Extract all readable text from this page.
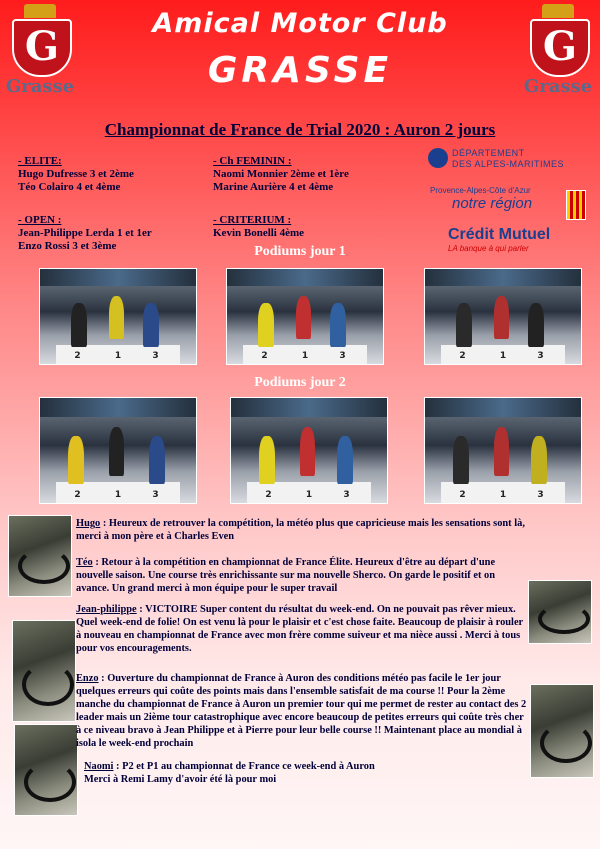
G
Grasse
G
Grasse
Amical Motor Club
GRASSE
Championnat de France de Trial 2020 : Auron 2 jours
- ELITE:
Hugo Dufresse 3 et 2ème
Téo Colairo 4 et 4ème
- Ch FEMININ :
Naomi Monnier 2ème et 1ère
Marine Aurière 4 et 4ème
- OPEN :
Jean-Philippe Lerda 1 et 1er
Enzo Rossi 3 et 3ème
- CRITERIUM :
Kevin Bonelli 4ème
DÉPARTEMENT
DES ALPES-MARITIMES
Provence-Alpes-Côte d'Azur
notre région
Crédit Mutuel
LA banque à qui parler
Podiums jour 1
2	1	3	2	1	3	2	1	3
Podiums jour 2
2	1	3	2	1	3	2	1	3

Hugo : Heureux de retrouver la compétition, la météo plus que capricieuse mais les sensations sont là, merci à mon père et à Charles Even

Téo : Retour à la compétition en championnat de France Élite. Heureux d'être au départ d'une nouvelle saison. Une course très enrichissante sur ma nouvelle Sherco. On garde le positif et on avance. Un grand merci à mon équipe pour le super travail

Jean-philippe : VICTOIRE Super content du résultat du week-end. On ne pouvait pas rêver mieux. Quel week-end de folie! On est venu là pour le plaisir et c'est chose faite. Beaucoup de plaisir à rouler à nouveau en championnat de France avec mon frère comme suiveur et ma nièce aussi . Merci à tous pour vos encouragements.

Enzo : Ouverture du championnat de France à Auron des conditions météo pas facile le 1er jour quelques erreurs qui coûte des points mais dans l'ensemble satisfait de ma course !! Pour la 2ème manche du championnat de France à Auron un premier tour qui me permet de rester au contact des 2 leader mais un 2ième tour catastrophique avec encore beaucoup de petites erreurs qui coûte très cher à ce niveau bravo à Jean Philippe et à Pierre pour leur belle course !! Maintenant place au mondial à isola le week-end prochain

Naomi : P2 et P1 au championnat de France ce week-end à Auron Merci à Remi Lamy d'avoir été là pour moi
